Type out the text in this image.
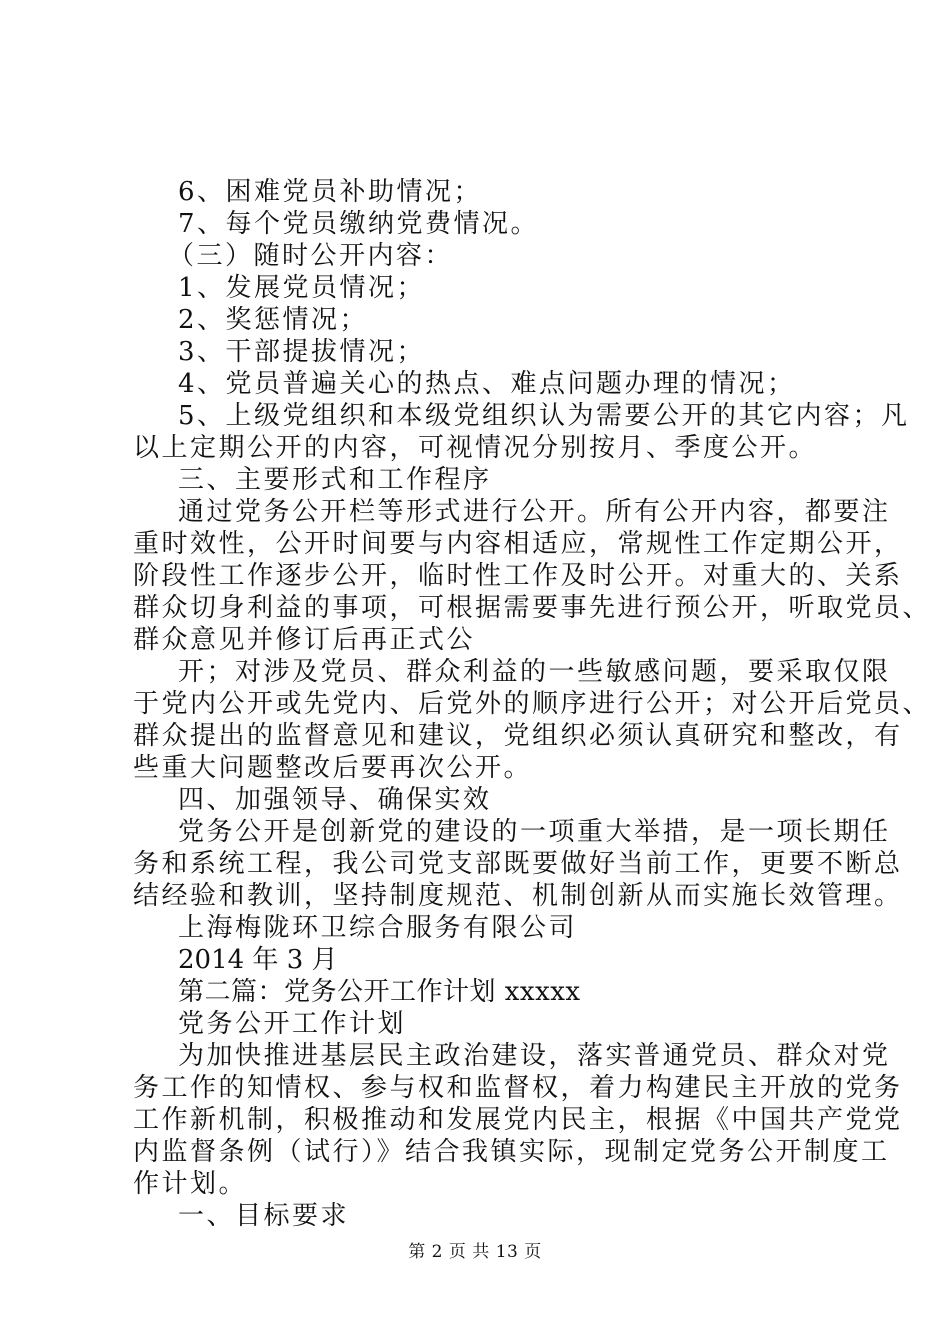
6、困难党员补助情况；
7、每个党员缴纳党费情况。
（三）随时公开内容：
1、发展党员情况；
2、奖惩情况；
3、干部提拔情况；
4、党员普遍关心的热点、难点问题办理的情况；
5、上级党组织和本级党组织认为需要公开的其它内容；凡
以上定期公开的内容，可视情况分别按月、季度公开。
三、主要形式和工作程序
通过党务公开栏等形式进行公开。所有公开内容，都要注
重时效性，公开时间要与内容相适应，常规性工作定期公开，
阶段性工作逐步公开，临时性工作及时公开。对重大的、关系
群众切身利益的事项，可根据需要事先进行预公开，听取党员、
群众意见并修订后再正式公
开；对涉及党员、群众利益的一些敏感问题，要采取仅限
于党内公开或先党内、后党外的顺序进行公开；对公开后党员、
群众提出的监督意见和建议，党组织必须认真研究和整改，有
些重大问题整改后要再次公开。
四、加强领导、确保实效
党务公开是创新党的建设的一项重大举措，是一项长期任
务和系统工程，我公司党支部既要做好当前工作，更要不断总
结经验和教训，坚持制度规范、机制创新从而实施长效管理。
上海梅陇环卫综合服务有限公司
2014 年 3 月
第二篇：党务公开工作计划 xxxxx
党务公开工作计划
为加快推进基层民主政治建设，落实普通党员、群众对党
务工作的知情权、参与权和监督权，着力构建民主开放的党务
工作新机制，积极推动和发展党内民主，根据《中国共产党党
内监督条例（试行）》结合我镇实际，现制定党务公开制度工
作计划。
一、目标要求
第 2 页 共 13 页
